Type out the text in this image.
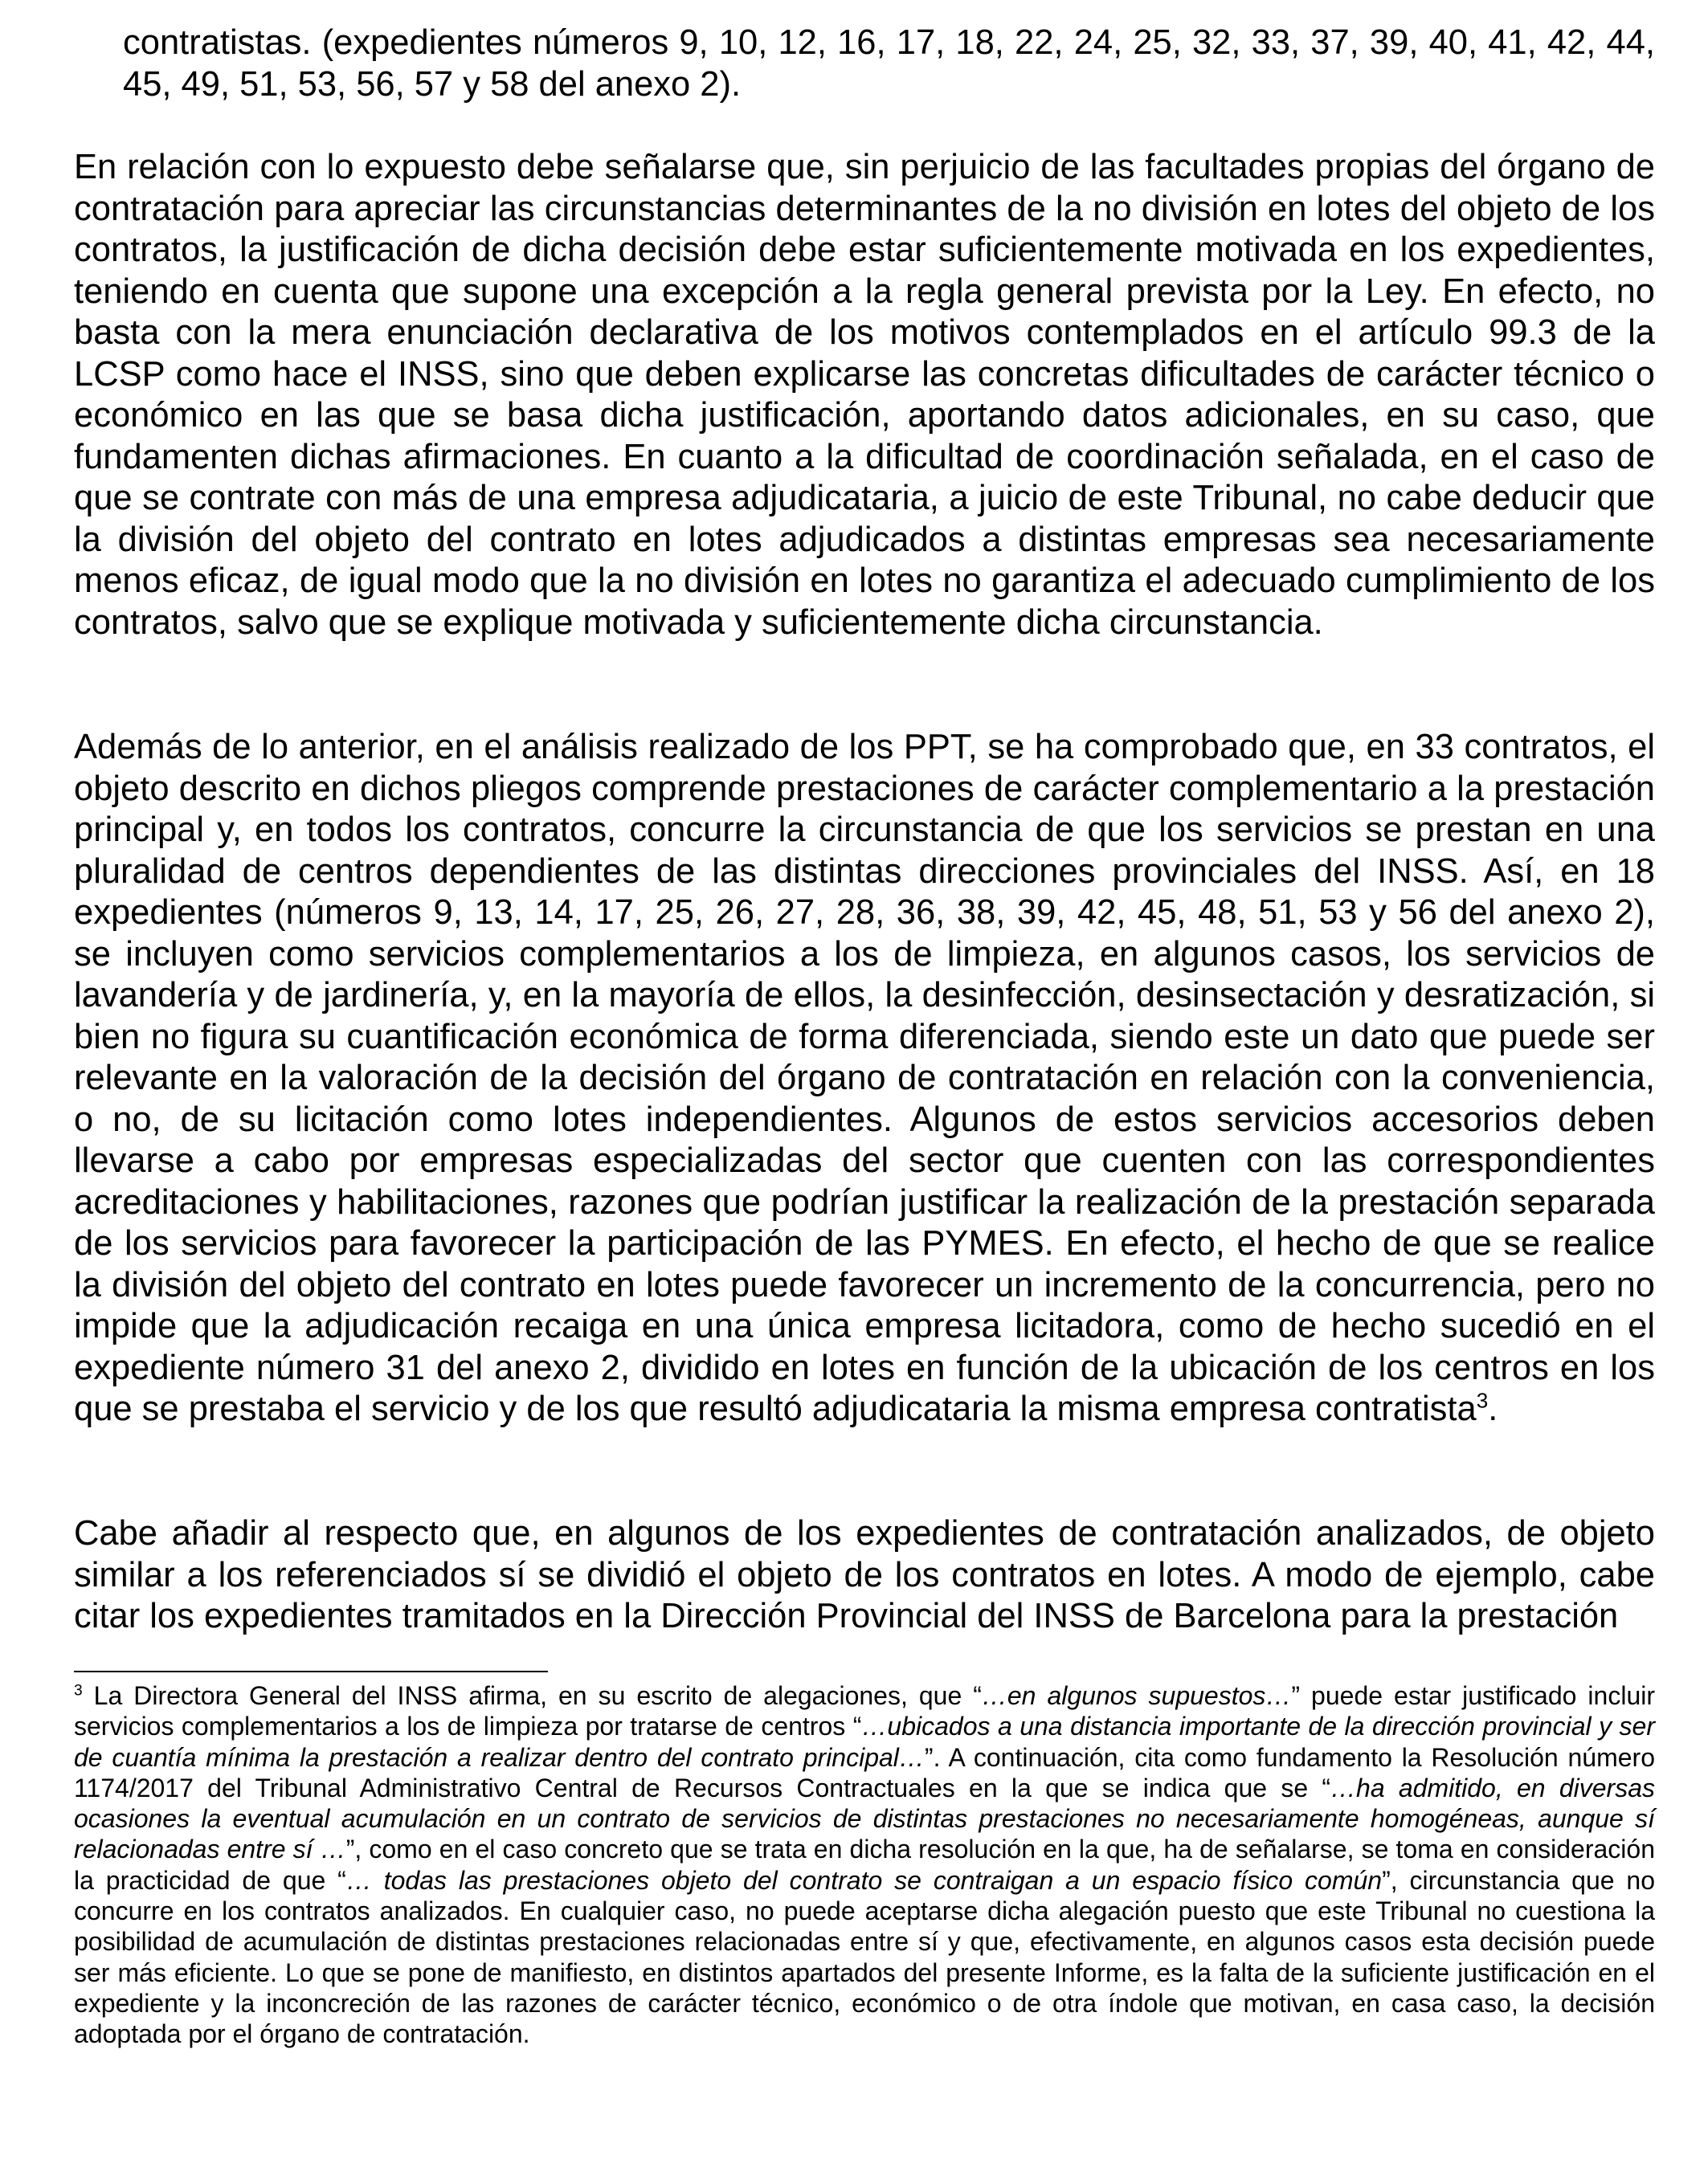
contratistas. (expedientes números 9, 10, 12, 16, 17, 18, 22, 24, 25, 32, 33, 37, 39, 40, 41, 42, 44, 45, 49, 51, 53, 56, 57 y 58 del anexo 2).

En relación con lo expuesto debe señalarse que, sin perjuicio de las facultades propias del órgano de contratación para apreciar las circunstancias determinantes de la no división en lotes del objeto de los contratos, la justificación de dicha decisión debe estar suficientemente motivada en los expedientes, teniendo en cuenta que supone una excepción a la regla general prevista por la Ley. En efecto, no basta con la mera enunciación declarativa de los motivos contemplados en el artículo 99.3 de la LCSP como hace el INSS, sino que deben explicarse las concretas dificultades de carácter técnico o económico en las que se basa dicha justificación, aportando datos adicionales, en su caso, que fundamenten dichas afirmaciones. En cuanto a la dificultad de coordinación señalada, en el caso de que se contrate con más de una empresa adjudicataria, a juicio de este Tribunal, no cabe deducir que la división del objeto del contrato en lotes adjudicados a distintas empresas sea necesariamente menos eficaz, de igual modo que la no división en lotes no garantiza el adecuado cumplimiento de los contratos, salvo que se explique motivada y suficientemente dicha circunstancia.

Además de lo anterior, en el análisis realizado de los PPT, se ha comprobado que, en 33 contratos, el objeto descrito en dichos pliegos comprende prestaciones de carácter complementario a la prestación principal y, en todos los contratos, concurre la circunstancia de que los servicios se prestan en una pluralidad de centros dependientes de las distintas direcciones provinciales del INSS. Así, en 18 expedientes (números 9, 13, 14, 17, 25, 26, 27, 28, 36, 38, 39, 42, 45, 48, 51, 53 y 56 del anexo 2), se incluyen como servicios complementarios a los de limpieza, en algunos casos, los servicios de lavandería y de jardinería, y, en la mayoría de ellos, la desinfección, desinsectación y desratización, si bien no figura su cuantificación económica de forma diferenciada, siendo este un dato que puede ser relevante en la valoración de la decisión del órgano de contratación en relación con la conveniencia, o no, de su licitación como lotes independientes. Algunos de estos servicios accesorios deben llevarse a cabo por empresas especializadas del sector que cuenten con las correspondientes acreditaciones y habilitaciones, razones que podrían justificar la realización de la prestación separada de los servicios para favorecer la participación de las PYMES. En efecto, el hecho de que se realice la división del objeto del contrato en lotes puede favorecer un incremento de la concurrencia, pero no impide que la adjudicación recaiga en una única empresa licitadora, como de hecho sucedió en el expediente número 31 del anexo 2, dividido en lotes en función de la ubicación de los centros en los que se prestaba el servicio y de los que resultó adjudicataria la misma empresa contratista$^3$.

Cabe añadir al respecto que, en algunos de los expedientes de contratación analizados, de objeto similar a los referenciados sí se dividió el objeto de los contratos en lotes. A modo de ejemplo, cabe citar los expedientes tramitados en la Dirección Provincial del INSS de Barcelona para la prestación

$^3$ La Directora General del INSS afirma, en su escrito de alegaciones, que “…en algunos supuestos…” puede estar justificado incluir servicios complementarios a los de limpieza por tratarse de centros “…ubicados a una distancia importante de la dirección provincial y ser de cuantía mínima la prestación a realizar dentro del contrato principal…”. A continuación, cita como fundamento la Resolución número 1174/2017 del Tribunal Administrativo Central de Recursos Contractuales en la que se indica que se “…ha admitido, en diversas ocasiones la eventual acumulación en un contrato de servicios de distintas prestaciones no necesariamente homogéneas, aunque sí relacionadas entre sí …”, como en el caso concreto que se trata en dicha resolución en la que, ha de señalarse, se toma en consideración la practicidad de que “… todas las prestaciones objeto del contrato se contraigan a un espacio físico común”, circunstancia que no concurre en los contratos analizados. En cualquier caso, no puede aceptarse dicha alegación puesto que este Tribunal no cuestiona la posibilidad de acumulación de distintas prestaciones relacionadas entre sí y que, efectivamente, en algunos casos esta decisión puede ser más eficiente. Lo que se pone de manifiesto, en distintos apartados del presente Informe, es la falta de la suficiente justificación en el expediente y la inconcreción de las razones de carácter técnico, económico o de otra índole que motivan, en casa caso, la decisión adoptada por el órgano de contratación.
